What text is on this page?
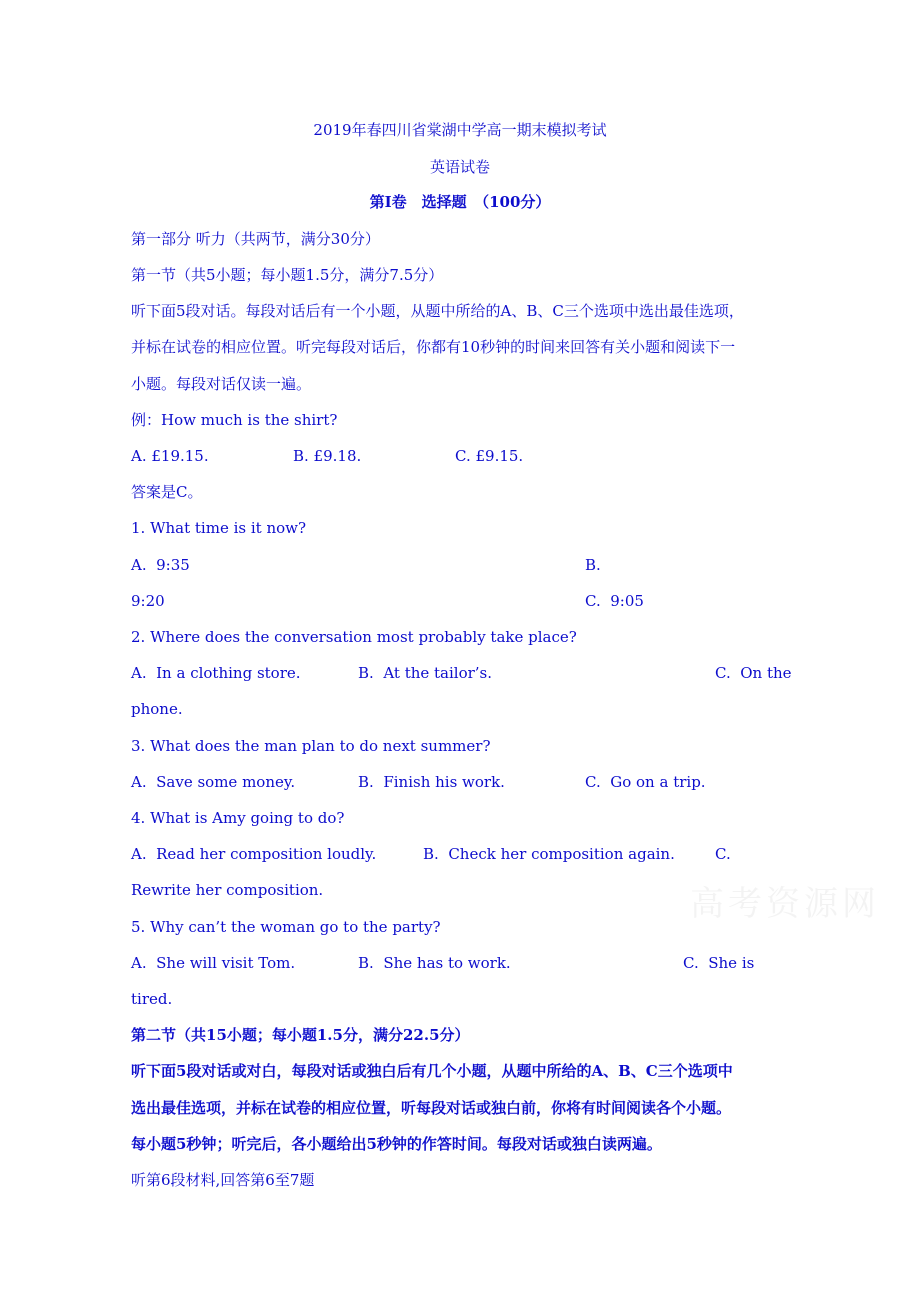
2019年春四川省棠湖中学高一期末模拟考试
英语试卷
第Ⅰ卷　选择题　（100分）
第一部分 听力（共两节，满分30分）
第一节（共5小题；每小题1.5分，满分7.5分）
听下面5段对话。每段对话后有一个小题，从题中所给的A、B、C三个选项中选出最佳选项，
并标在试卷的相应位置。听完每段对话后，你都有10秒钟的时间来回答有关小题和阅读下一
小题。每段对话仅读一遍。
例：How much is the shirt?
A. £19.15.	B. £9.18.	C. £9.15.
答案是C。
1. What time is it now?
A.  9:35	B.
9:20	C.  9:05
2. Where does the conversation most probably take place?
A.  In a clothing store.	B.  At the tailor’s.	C.  On the
phone.
3. What does the man plan to do next summer?
A.  Save some money.	B.  Finish his work.	C.  Go on a trip.
4. What is Amy going to do?
A.  Read her composition loudly.	B.  Check her composition again.	C.
Rewrite her composition.
5. Why can’t the woman go to the party?
A.  She will visit Tom.	B.  She has to work.	C.  She is
tired.
第二节（共15小题；每小题1.5分，满分22.5分）
听下面5段对话或对白，每段对话或独白后有几个小题，从题中所给的A、B、C三个选项中
选出最佳选项，并标在试卷的相应位置，听每段对话或独白前，你将有时间阅读各个小题。
每小题5秒钟；听完后，各小题给出5秒钟的作答时间。每段对话或独白读两遍。
听第6段材料,回答第6至7题
高考资源网
